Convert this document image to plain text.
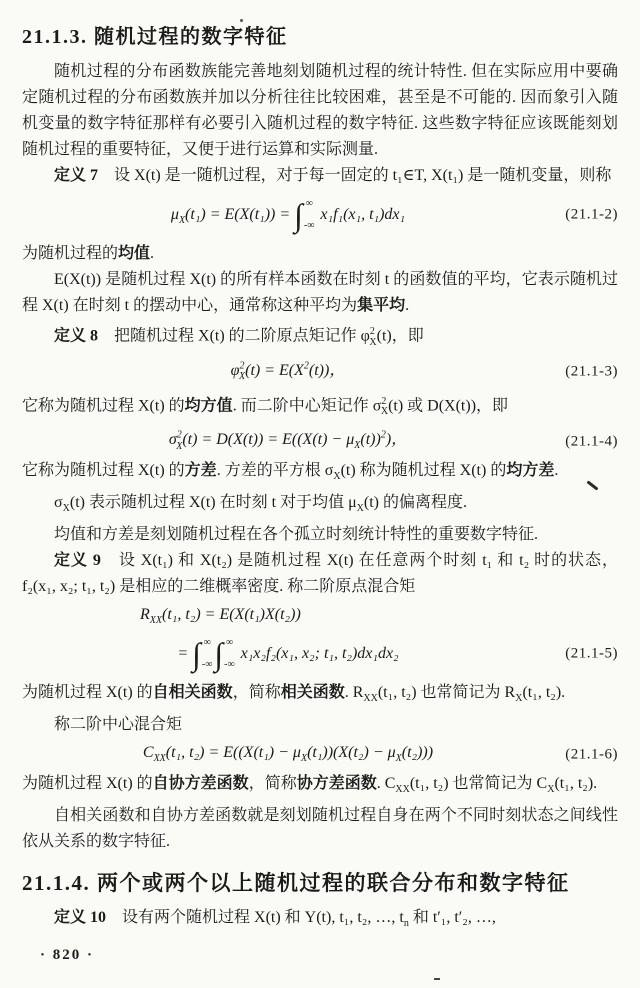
21.1.3. 随机过程的数字特征

随机过程的分布函数族能完善地刻划随机过程的统计特性. 但在实际应用中要确定随机过程的分布函数族并加以分析往往比较困难，甚至是不可能的. 因而象引入随机变量的数字特征那样有必要引入随机过程的数字特征. 这些数字特征应该既能刻划随机过程的重要特征，又便于进行运算和实际测量.

定义 7　设 X(t) 是一随机过程，对于每一固定的 t₁∈T, X(t₁) 是一随机变量，则称

$\mu_X(t_1) = E(X(t_1))$ = ∫ ∞
-∞
x₁f₁(x₁, t₁)dx₁	(21.1-2)

为随机过程的均值.

E(X(t)) 是随机过程 X(t) 的所有样本函数在时刻 t 的函数值的平均，它表示随机过程 X(t) 在时刻 t 的摆动中心，通常称这种平均为集平均.

定义 8　把随机过程 X(t) 的二阶原点矩记作 $\varphi^2_X(t)$，即

$\varphi^2_X(t) = E(X^2(t))$，	(21.1-3)

它称为随机过程 X(t) 的均方值. 而二阶中心矩记作 $\sigma^2_X(t)$ 或 D(X(t))，即

$\sigma^2_X(t) = D(X(t)) = E((X(t) - \mu_X(t))^2)$，	(21.1-4)

它称为随机过程 X(t) 的方差. 方差的平方根 $\sigma_X(t)$ 称为随机过程 X(t) 的均方差.

$\sigma_X(t)$ 表示随机过程 X(t) 在时刻 t 对于均值 $\mu_X(t)$ 的偏离程度.

均值和方差是刻划随机过程在各个孤立时刻统计特性的重要数字特征.

定义 9　设 X(t₁) 和 X(t₂) 是随机过程 X(t) 在任意两个时刻 t₁ 和 t₂ 时的状态，f₂(x₁, x₂; t₁, t₂) 是相应的二维概率密度. 称二阶原点混合矩

$R_{XX}(t_1$, t₂) = E(X(t₁)X(t₂))
= ∫ ∞
-∞ ∫ ∞
-∞
x₁x₂f₂(x₁, x₂; t₁, t₂)dx₁dx₂	(21.1-5)

为随机过程 X(t) 的自相关函数，简称相关函数. $R_{XX}(t_1$, t₂) 也常简记为 $R_X(t_1$, t₂).

称二阶中心混合矩

$C_{XX}(t_1$, $t_2) = E((X(t_1) - \mu_X(t_1))(X(t_2) - \mu_X(t_2)))$	(21.1-6)

为随机过程 X(t) 的自协方差函数，简称协方差函数. $C_{XX}(t_1$, t₂) 也常简记为 $C_X(t_1$, t₂).

自相关函数和自协方差函数就是刻划随机过程自身在两个不同时刻状态之间线性依从关系的数字特征.

21.1.4. 两个或两个以上随机过程的联合分布和数字特征

定义 10　设有两个随机过程 X(t) 和 Y(t), t₁, t₂, …, $t_n$ 和 t′₁, t′₂, …,

· 820 ·
